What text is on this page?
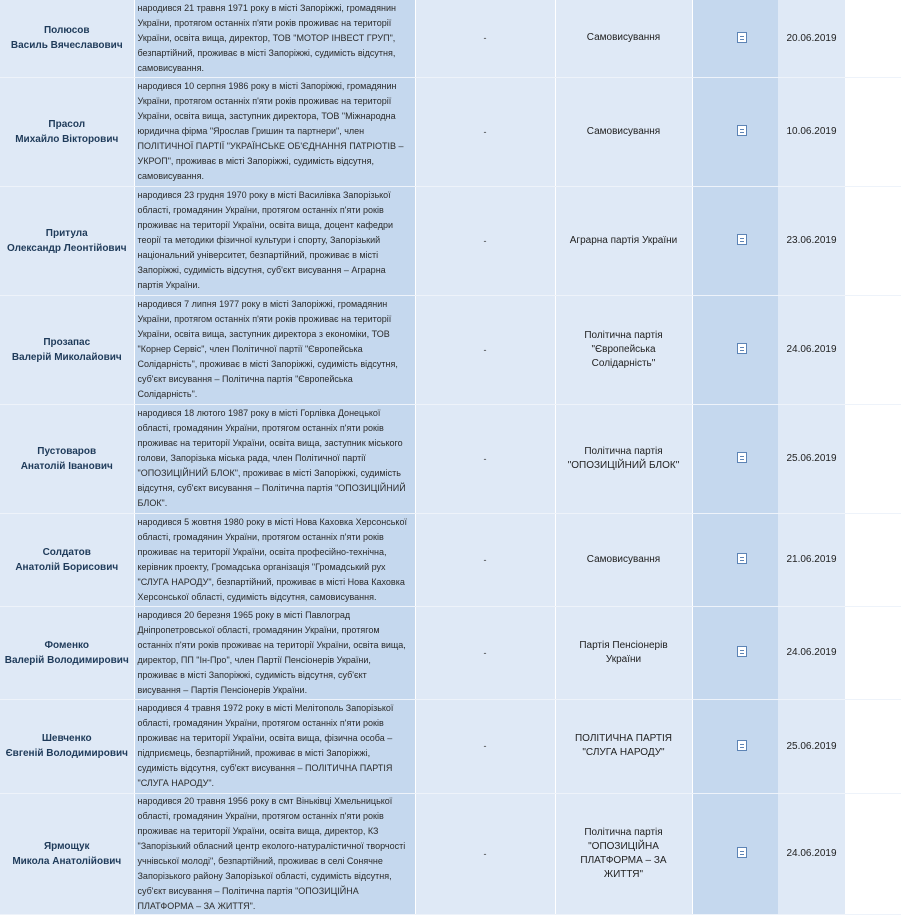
Полюсов
Василь Вячеславович	народився 21 травня 1971 року в місті Запоріжжі, громадянин України, протягом останніх п'яти років проживає на території України, освіта вища, директор, ТОВ "МОТОР ІНВЕСТ ГРУП", безпартійний, проживає в місті Запоріжжі, судимість відсутня, самовисування.	-	Самовисування		20.06.2019	

Прасол
Михайло Вікторович	народився 10 серпня 1986 року в місті Запоріжжі, громадянин України, протягом останніх п'яти років проживає на території України, освіта вища, заступник директора, ТОВ "Міжнародна юридична фірма "Ярослав Гришин та партнери", член ПОЛІТИЧНОЇ ПАРТІЇ "УКРАЇНСЬКЕ ОБ'ЄДНАННЯ ПАТРІОТІВ – УКРОП", проживає в місті Запоріжжі, судимість відсутня, самовисування.	-	Самовисування		10.06.2019	

Притула
Олександр Леонтійович	народився 23 грудня 1970 року в місті Василівка Запорізької області, громадянин України, протягом останніх п'яти років проживає на території України, освіта вища, доцент кафедри теорії та методики фізичної культури і спорту, Запорізький національний університет, безпартійний, проживає в місті Запоріжжі, судимість відсутня, суб'єкт висування – Аграрна партія України.	-	Аграрна партія України		23.06.2019	

Прозапас
Валерій Миколайович	народився 7 липня 1977 року в місті Запоріжжі, громадянин України, протягом останніх п'яти років проживає на території України, освіта вища, заступник директора з економіки, ТОВ "Корнер Сервіс", член Політичної партії "Європейська Солідарність", проживає в місті Запоріжжі, судимість відсутня, суб'єкт висування – Політична партія "Європейська Солідарність".	-	Політична партія "Європейська Солідарність"		24.06.2019	

Пустоваров
Анатолій Іванович	народився 18 лютого 1987 року в місті Горлівка Донецької області, громадянин України, протягом останніх п'яти років проживає на території України, освіта вища, заступник міського голови, Запорізька міська рада, член Політичної партії "ОПОЗИЦІЙНИЙ БЛОК", проживає в місті Запоріжжі, судимість відсутня, суб'єкт висування – Політична партія "ОПОЗИЦІЙНИЙ БЛОК".	-	Політична партія "ОПОЗИЦІЙНИЙ БЛОК"		25.06.2019	

Солдатов
Анатолій Борисович	народився 5 жовтня 1980 року в місті Нова Каховка Херсонської області, громадянин України, протягом останніх п'яти років проживає на території України, освіта професійно-технічна, керівник проекту, Громадська організація "Громадський рух "СЛУГА НАРОДУ", безпартійний, проживає в місті Нова Каховка Херсонської області, судимість відсутня, самовисування.	-	Самовисування		21.06.2019	

Фоменко
Валерій Володимирович	народився 20 березня 1965 року в місті Павлоград Дніпропетровської області, громадянин України, протягом останніх п'яти років проживає на території України, освіта вища, директор, ПП "Ін-Про", член Партії Пенсіонерів України, проживає в місті Запоріжжі, судимість відсутня, суб'єкт висування – Партія Пенсіонерів України.	-	Партія Пенсіонерів України		24.06.2019	

Шевченко
Євгеній Володимирович	народився 4 травня 1972 року в місті Мелітополь Запорізької області, громадянин України, протягом останніх п'яти років проживає на території України, освіта вища, фізична особа – підприємець, безпартійний, проживає в місті Запоріжжі, судимість відсутня, суб'єкт висування – ПОЛІТИЧНА ПАРТІЯ "СЛУГА НАРОДУ".	-	ПОЛІТИЧНА ПАРТІЯ "СЛУГА НАРОДУ"		25.06.2019	

Ярмощук
Микола Анатолійович	народився 20 травня 1956 року в смт Віньківці Хмельницької області, громадянин України, протягом останніх п'яти років проживає на території України, освіта вища, директор, КЗ "Запорізький обласний центр еколого-натуралістичної творчості учнівської молоді", безпартійний, проживає в селі Сонячне Запорізького району Запорізької області, судимість відсутня, суб'єкт висування – Політична партія "ОПОЗИЦІЙНА ПЛАТФОРМА – ЗА ЖИТТЯ".	-	Політична партія "ОПОЗИЦІЙНА ПЛАТФОРМА – ЗА ЖИТТЯ"		24.06.2019	
